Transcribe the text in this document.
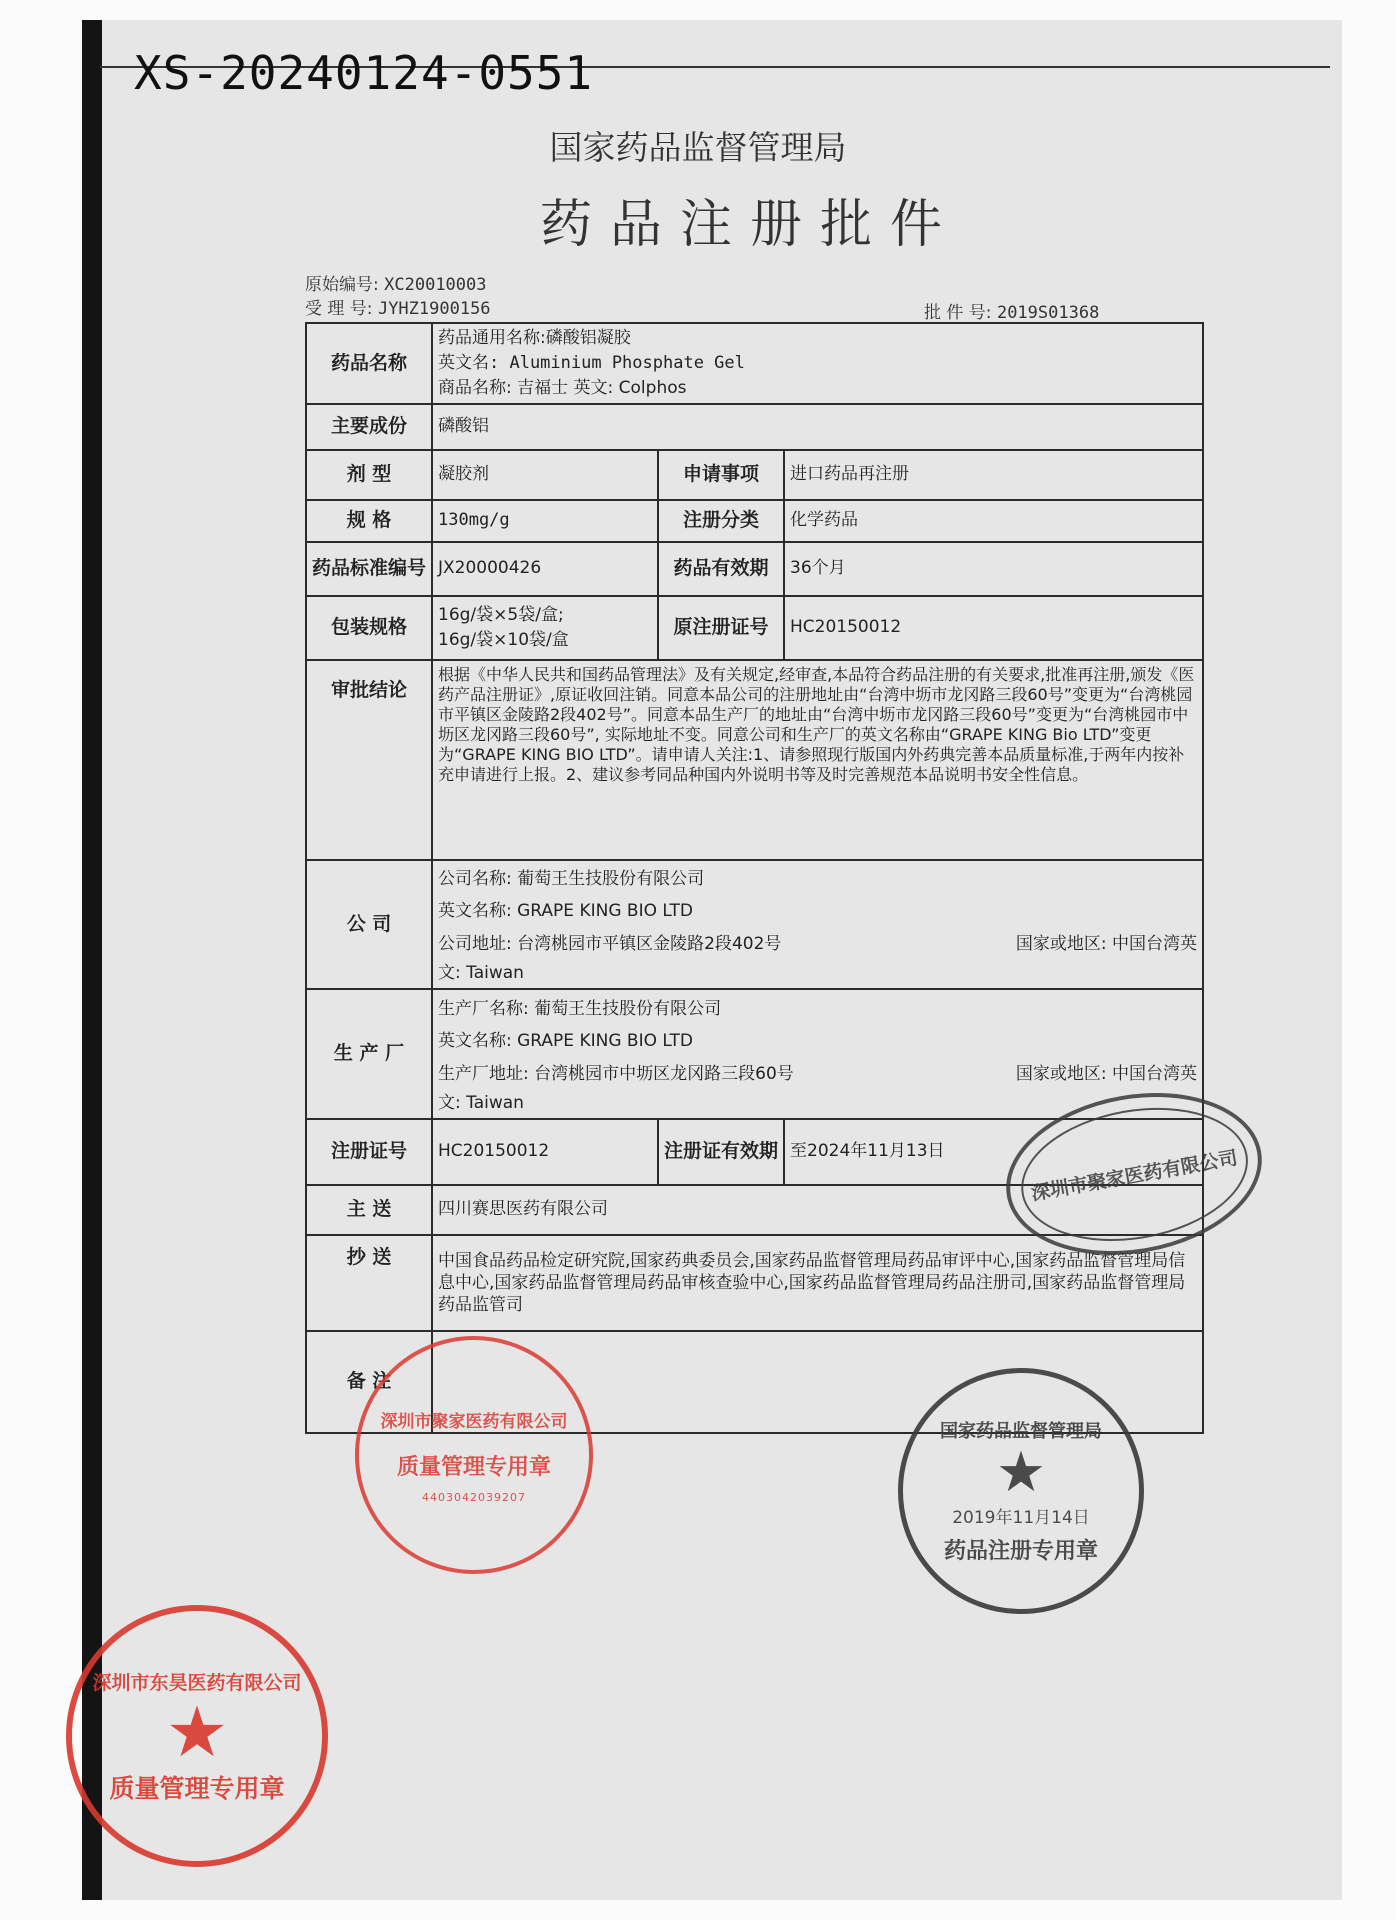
XS-20240124-0551
国家药品监督管理局
药品注册批件
原始编号: XC20010003
受 理 号: JYHZ1900156	批 件 号: 2019S01368
药品名称	药品通用名称:磷酸铝凝胶
英文名: Aluminium Phosphate Gel
商品名称: 吉福士 英文: Colphos		

主要成份	磷酸铝		
剂 型	凝胶剂	申请事项	进口药品再注册
规 格	130mg/g	注册分类	化学药品
药品标准编号	JX20000426	药品有效期	36个月
包装规格	16g/袋×5袋/盒;
16g/袋×10袋/盒	原注册证号	HC20150012
审批结论	根据《中华人民共和国药品管理法》及有关规定,经审查,本品符合药品注册的有关要求,批准再注册,颁发《医药产品注册证》,原证收回注销。同意本品公司的注册地址由“台湾中坜市龙冈路三段60号”变更为“台湾桃园市平镇区金陵路2段402号”。同意本品生产厂的地址由“台湾中坜市龙冈路三段60号”变更为“台湾桃园市中坜区龙冈路三段60号”, 实际地址不变。同意公司和生产厂的英文名称由“GRAPE KING Bio LTD”变更为“GRAPE KING BIO LTD”。请申请人关注:1、请参照现行版国内外药典完善本品质量标准,于两年内按补充申请进行上报。2、建议参考同品种国内外说明书等及时完善规范本品说明书安全性信息。		
公 司	公司名称: 葡萄王生技股份有限公司
英文名称: GRAPE KING BIO LTD
公司地址: 台湾桃园市平镇区金陵路2段402号 国家或地区: 中国台湾英
文: Taiwan		

生 产 厂	生产厂名称: 葡萄王生技股份有限公司
英文名称: GRAPE KING BIO LTD
生产厂地址: 台湾桃园市中坜区龙冈路三段60号 国家或地区: 中国台湾英
文: Taiwan		

注册证号	HC20150012	注册证有效期	至2024年11月13日
主 送	四川赛思医药有限公司		
抄 送	中国食品药品检定研究院,国家药典委员会,国家药品监督管理局药品审评中心,国家药品监督管理局信息中心,国家药品监督管理局药品审核查验中心,国家药品监督管理局药品注册司,国家药品监督管理局药品监管司		
备 注			
深圳市聚家医药有限公司
深圳市聚家医药有限公司
质量管理专用章
4403042039207
国家药品监督管理局
★
2019年11月14日
药品注册专用章
深圳市东昊医药有限公司
★
质量管理专用章
